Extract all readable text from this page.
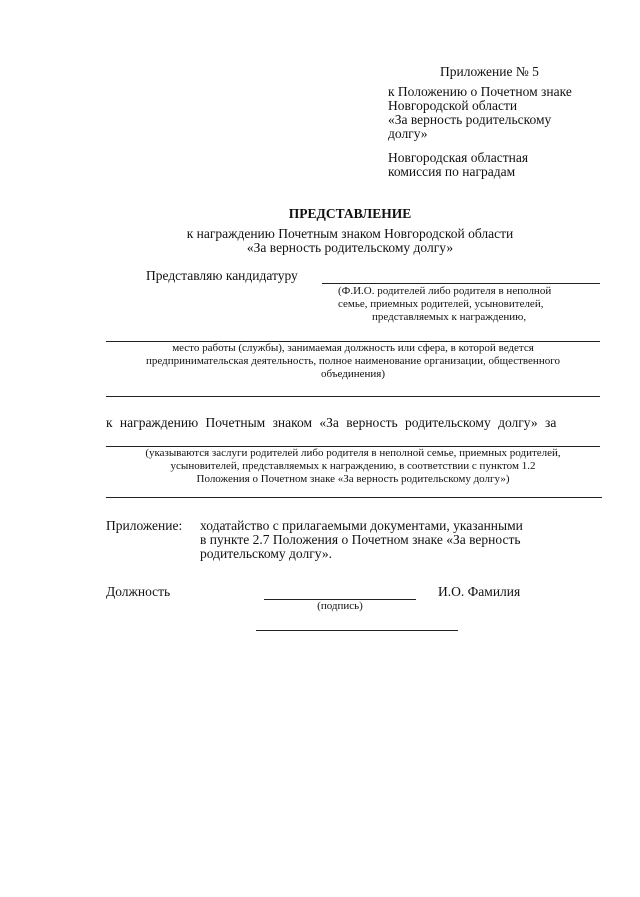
Приложение № 5
к Положению о Почетном знаке
Новгородской области
«За верность родительскому
долгу»
Новгородская областная
комиссия по наградам
ПРЕДСТАВЛЕНИЕ
к награждению Почетным знаком Новгородской области
«За верность родительскому долгу»
Представляю кандидатуру
(Ф.И.О. родителей либо родителя в неполной
семье, приемных родителей, усыновителей,
представляемых к награждению,
место работы (службы), занимаемая должность или сфера, в которой ведется
предпринимательская деятельность, полное наименование организации, общественного
объединения)
к награждению Почетным знаком «За верность родительскому долгу» за
(указываются заслуги родителей либо родителя в неполной семье, приемных родителей,
усыновителей, представляемых к награждению, в соответствии с пунктом 1.2
Положения о Почетном знаке «За верность родительскому долгу»)
Приложение: ходатайство с прилагаемыми документами, указанными
в пункте 2.7 Положения о Почетном знаке «За верность
родительскому долгу».
Должность
(подпись)
И.О. Фамилия
